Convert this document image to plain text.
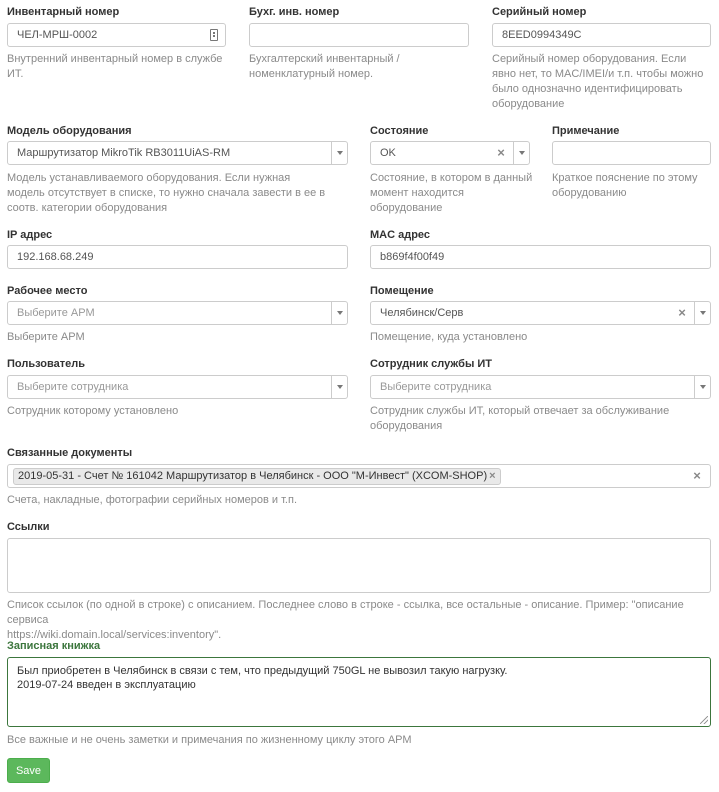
Инвентарный номер
ЧЕЛ-МРШ-0002
Внутренний инвентарный номер в службе ИТ.
Бухг. инв. номер
Бухгалтерский инвентарный / номенклатурный номер.
Серийный номер
8EED0994349C
Серийный номер оборудования. Если явно нет, то MAC/IMEI/и т.п. чтобы можно было однозначно идентифицировать оборудование
Модель оборудования
Маршрутизатор MikroTik RB3011UiAS-RM
Модель устанавливаемого оборудования. Если нужная модель отсутствует в списке, то нужно сначала завести в ее в соотв. категории оборудования
Состояние
OK	×
Состояние, в котором в данный момент находится оборудование
Примечание
Краткое пояснение по этому оборудованию
IP адрес
192.168.68.249
MAC адрес
b869f4f00f49
Рабочее место
Выберите АРМ
Выберите АРМ
Помещение
Челябинск/Серв	×
Помещение, куда установлено
Пользователь
Выберите сотрудника
Сотрудник которому установлено
Сотрудник службы ИТ
Выберите сотрудника
Сотрудник службы ИТ, который отвечает за обслуживание оборудования
Связанные документы
2019-05-31 - Счет № 161042 Маршрутизатор в Челябинск - ООО "М-Инвест" (XCOM-SHOP) ×	×
Счета, накладные, фотографии серийных номеров и т.п.
Ссылки
Список ссылок (по одной в строке) с описанием. Последнее слово в строке - ссылка, все остальные - описание. Пример: "описание сервиса
https://wiki.domain.local/services:inventory".
Записная книжка
Был приобретен в Челябинск в связи с тем, что предыдущий 750GL не вывозил такую нагрузку.
2019-07-24 введен в эксплуатацию
Все важные и не очень заметки и примечания по жизненному циклу этого АРМ
Save
